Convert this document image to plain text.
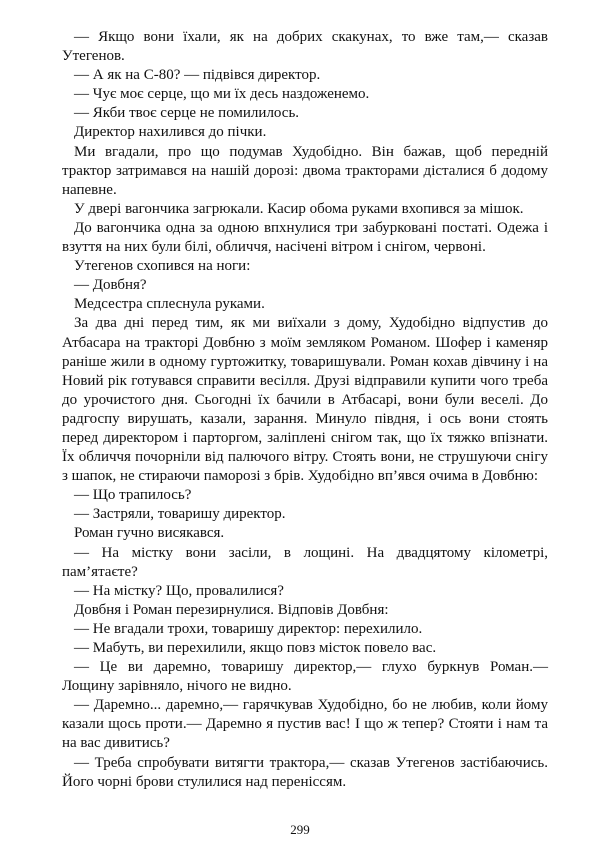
— Якщо вони їхали, як на добрих скакунах, то вже там,— сказав Утегенов.

— А як на С-80? — підвівся директор.

— Чує моє серце, що ми їх десь наздоженемо.

— Якби твоє серце не помилилось.

Директор нахилився до пічки.

Ми вгадали, про що подумав Худобідно. Він бажав, щоб передній трактор затримався на нашій дорозі: двома тракторами дісталися б додому напевне.

У двері вагончика загрюкали. Касир обома руками вхопився за мішок.

До вагончика одна за одною впхнулися три забурковані постаті. Одежа і взуття на них були білі, обличчя, насічені вітром і снігом, червоні.

Утегенов схопився на ноги:

— Довбня?

Медсестра сплеснула руками.

За два дні перед тим, як ми виїхали з дому, Худобідно відпустив до Атбасара на тракторі Довбню з моїм земляком Романом. Шофер і каменяр раніше жили в одному гуртожитку, товаришували. Роман кохав дівчину і на Новий рік готувався справити весілля. Друзі відправили купити чого треба до урочистого дня. Сьогодні їх бачили в Атбасарі, вони були веселі. До радгоспу вирушать, казали, зарання. Минуло півдня, і ось вони стоять перед директором і парторгом, заліплені снігом так, що їх тяжко впізнати. Їх обличчя почорніли від палючого вітру. Стоять вони, не струшуючи снігу з шапок, не стираючи паморозі з брів. Худобідно вп’явся очима в Довбню:

— Що трапилось?

— Застряли, товаришу директор.

Роман гучно висякався.

— На містку вони засіли, в лощині. На двадцятому кілометрі, пам’ятаєте?

— На містку? Що, провалилися?

Довбня і Роман перезирнулися. Відповів Довбня:

— Не вгадали трохи, товаришу директор: перехилило.

— Мабуть, ви перехилили, якщо повз місток повело вас.

— Це ви даремно, товаришу директор,— глухо буркнув Роман.— Лощину зарівняло, нічого не видно.

— Даремно... даремно,— гарячкував Худобідно, бо не любив, коли йому казали щось проти.— Даремно я пустив вас! І що ж тепер? Стояти і нам та на вас дивитись?

— Треба спробувати витягти трактора,— сказав Утегенов застібаючись. Його чорні брови стулилися над переніссям.

299
